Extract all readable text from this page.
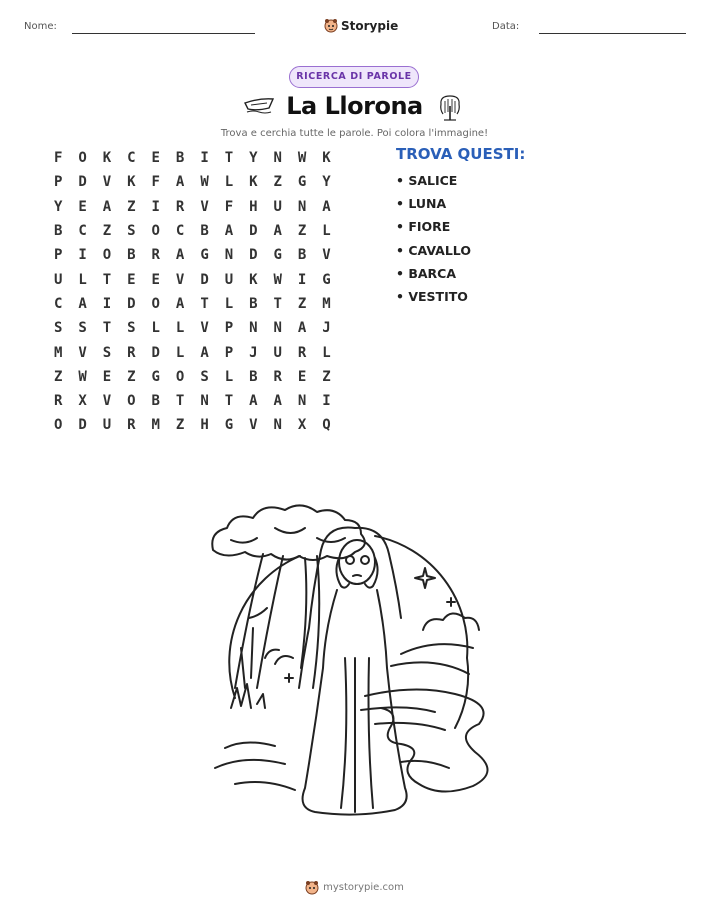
Nome:	Storypie	Data:
RICERCA DI PAROLE
La Llorona
Trova e cerchia tutte le parole. Poi colora l'immagine!
F	O	K	C	E	B	I	T	Y	N	W	K
P	D	V	K	F	A	W	L	K	Z	G	Y
Y	E	A	Z	I	R	V	F	H	U	N	A
B	C	Z	S	O	C	B	A	D	A	Z	L
P	I	O	B	R	A	G	N	D	G	B	V
U	L	T	E	E	V	D	U	K	W	I	G
C	A	I	D	O	A	T	L	B	T	Z	M
S	S	T	S	L	L	V	P	N	N	A	J
M	V	S	R	D	L	A	P	J	U	R	L
Z	W	E	Z	G	O	S	L	B	R	E	Z
R	X	V	O	B	T	N	T	A	A	N	I
O	D	U	R	M	Z	H	G	V	N	X	Q
TROVA QUESTI:
• SALICE
• LUNA
• FIORE
• CAVALLO
• BARCA
• VESTITO
mystorypie.com
